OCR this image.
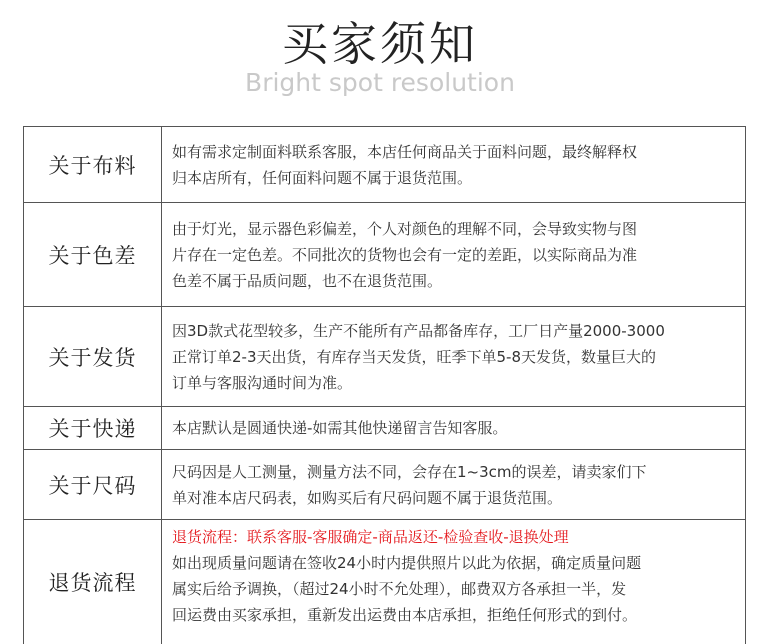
买家须知
Bright spot resolution
关于布料
如有需求定制面料联系客服，本店任何商品关于面料问题，最终解释权
归本店所有，任何面料问题不属于退货范围。
关于色差
由于灯光，显示器色彩偏差，个人对颜色的理解不同，会导致实物与图
片存在一定色差。不同批次的货物也会有一定的差距，以实际商品为准
色差不属于品质问题，也不在退货范围。
关于发货
因3D款式花型较多，生产不能所有产品都备库存，工厂日产量2000-3000
正常订单2-3天出货，有库存当天发货，旺季下单5-8天发货，数量巨大的
订单与客服沟通时间为准。
关于快递	本店默认是圆通快递-如需其他快递留言告知客服。
关于尺码
尺码因是人工测量，测量方法不同，会存在1~3cm的误差，请卖家们下
单对准本店尺码表，如购买后有尺码问题不属于退货范围。
退货流程
退货流程：联系客服-客服确定-商品返还-检验查收-退换处理
如出现质量问题请在签收24小时内提供照片以此为依据，确定质量问题
属实后给予调换，（超过24小时不允处理），邮费双方各承担一半，发
回运费由买家承担，重新发出运费由本店承担，拒绝任何形式的到付。
